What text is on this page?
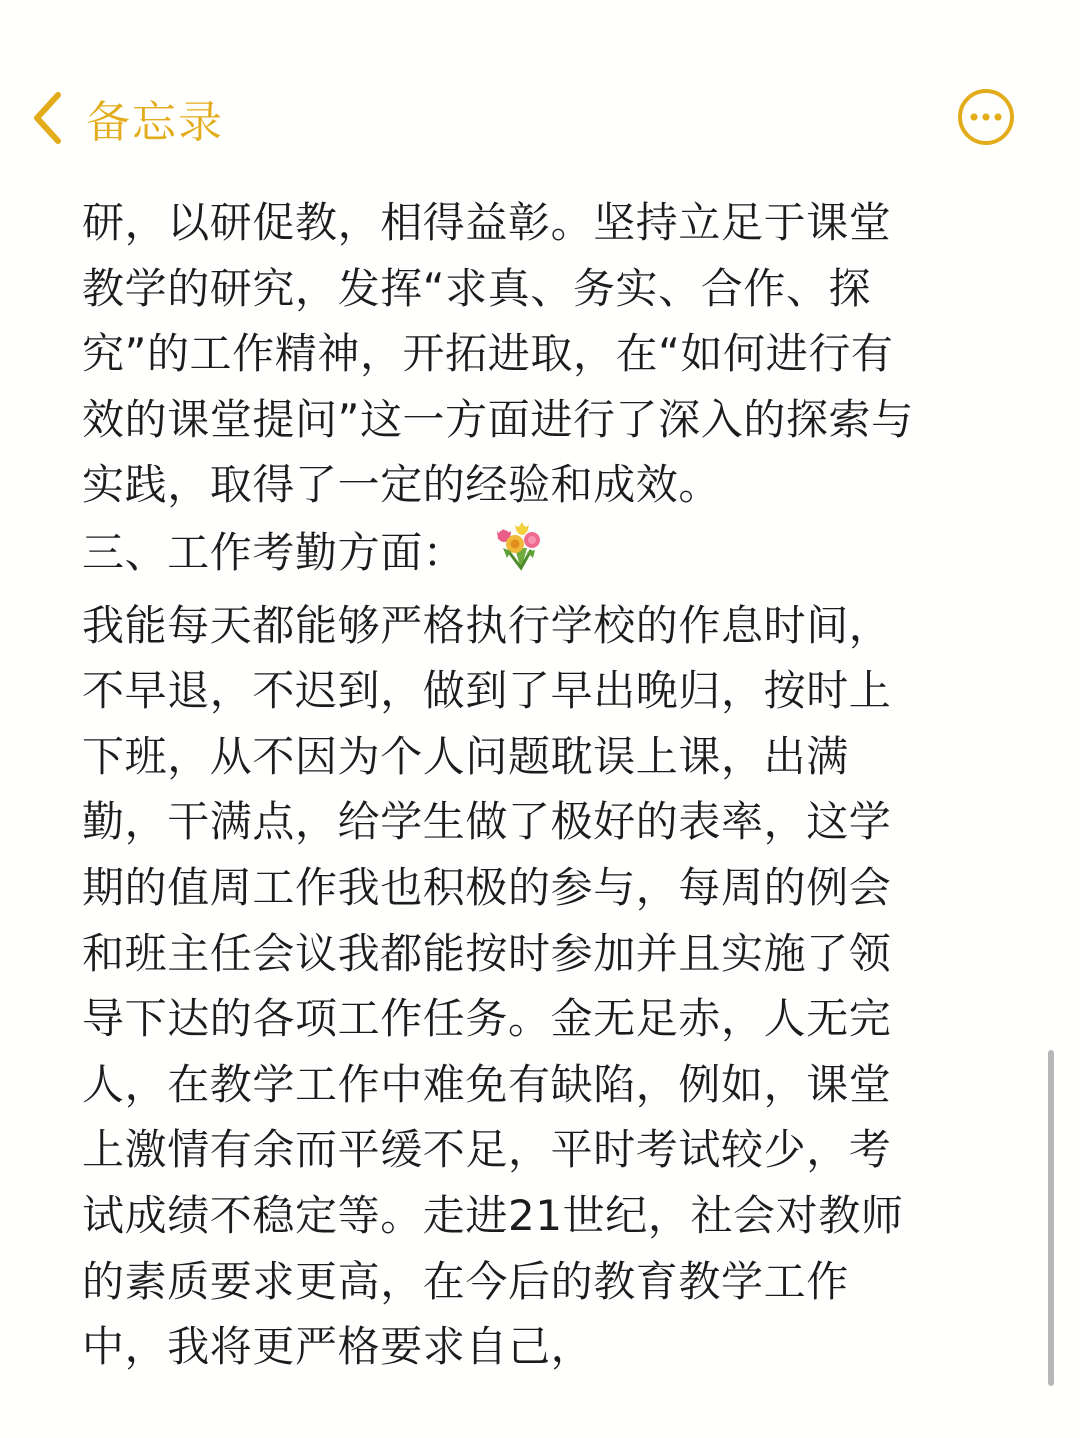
备忘录
研，以研促教，相得益彰。坚持立足于课堂
教学的研究，发挥“求真、务实、合作、探
究”的工作精神，开拓进取，在“如何进行有
效的课堂提问”这一方面进行了深入的探索与
实践，取得了一定的经验和成效。
三、工作考勤方面：
我能每天都能够严格执行学校的作息时间，
不早退，不迟到，做到了早出晚归，按时上
下班，从不因为个人问题耽误上课，出满
勤，干满点，给学生做了极好的表率，这学
期的值周工作我也积极的参与，每周的例会
和班主任会议我都能按时参加并且实施了领
导下达的各项工作任务。金无足赤，人无完
人，在教学工作中难免有缺陷，例如，课堂
上激情有余而平缓不足，平时考试较少，考
试成绩不稳定等。走进21世纪，社会对教师
的素质要求更高，在今后的教育教学工作
中，我将更严格要求自己，
